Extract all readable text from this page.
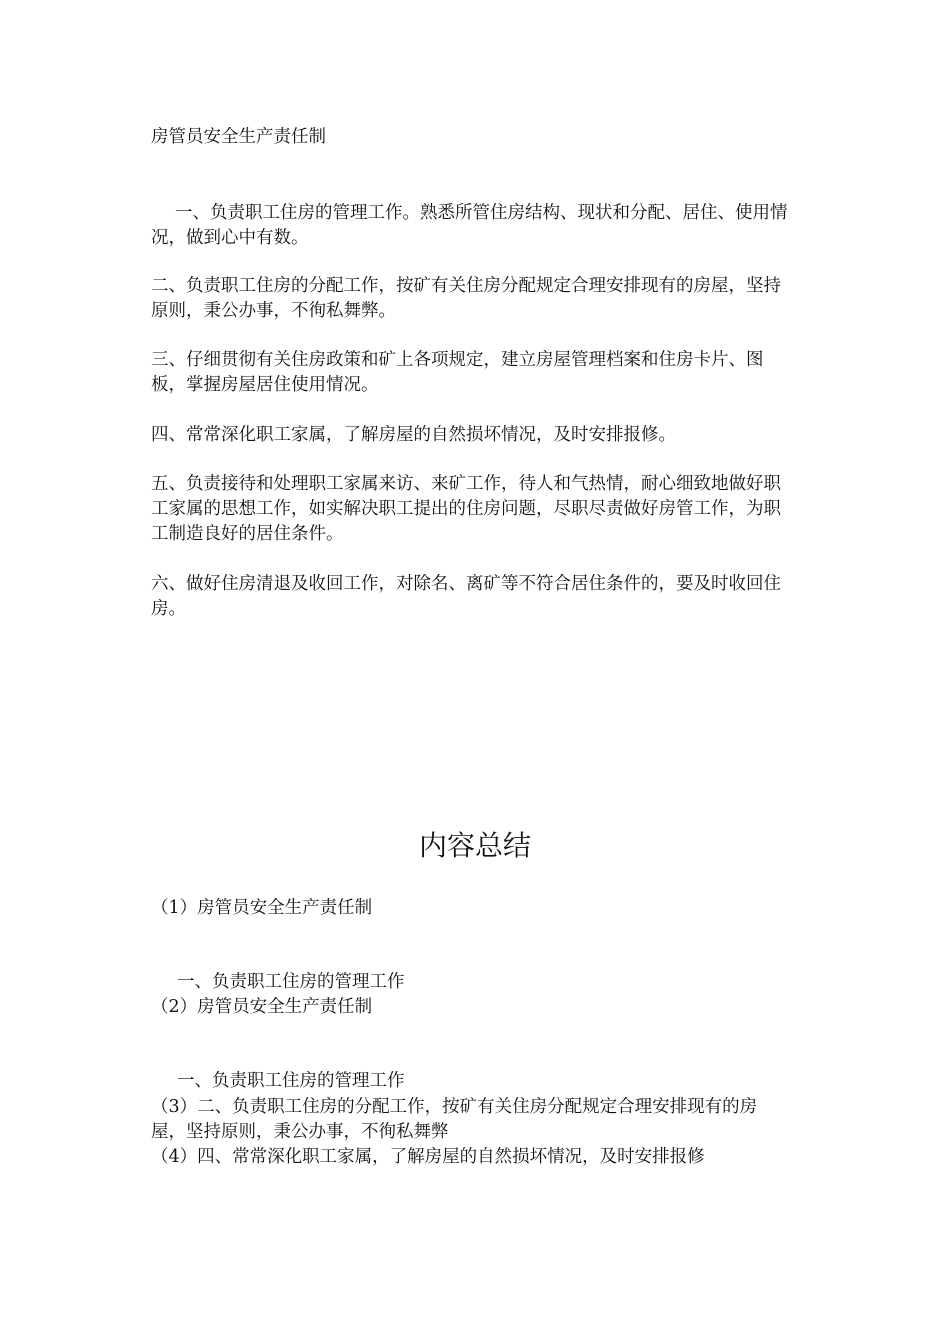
房管员安全生产责任制

一、负责职工住房的管理工作。熟悉所管住房结构、现状和分配、居住、使用情况，做到心中有数。

二、负责职工住房的分配工作，按矿有关住房分配规定合理安排现有的房屋，坚持原则，秉公办事，不徇私舞弊。

三、仔细贯彻有关住房政策和矿上各项规定，建立房屋管理档案和住房卡片、图板，掌握房屋居住使用情况。

四、常常深化职工家属，了解房屋的自然损坏情况，及时安排报修。

五、负责接待和处理职工家属来访、来矿工作，待人和气热情，耐心细致地做好职工家属的思想工作，如实解决职工提出的住房问题，尽职尽责做好房管工作，为职工制造良好的居住条件。

六、做好住房清退及收回工作，对除名、离矿等不符合居住条件的，要及时收回住房。

内容总结

（1）房管员安全生产责任制

一、负责职工住房的管理工作

（2）房管员安全生产责任制

一、负责职工住房的管理工作

（3）二、负责职工住房的分配工作，按矿有关住房分配规定合理安排现有的房屋，坚持原则，秉公办事，不徇私舞弊

（4）四、常常深化职工家属，了解房屋的自然损坏情况，及时安排报修
